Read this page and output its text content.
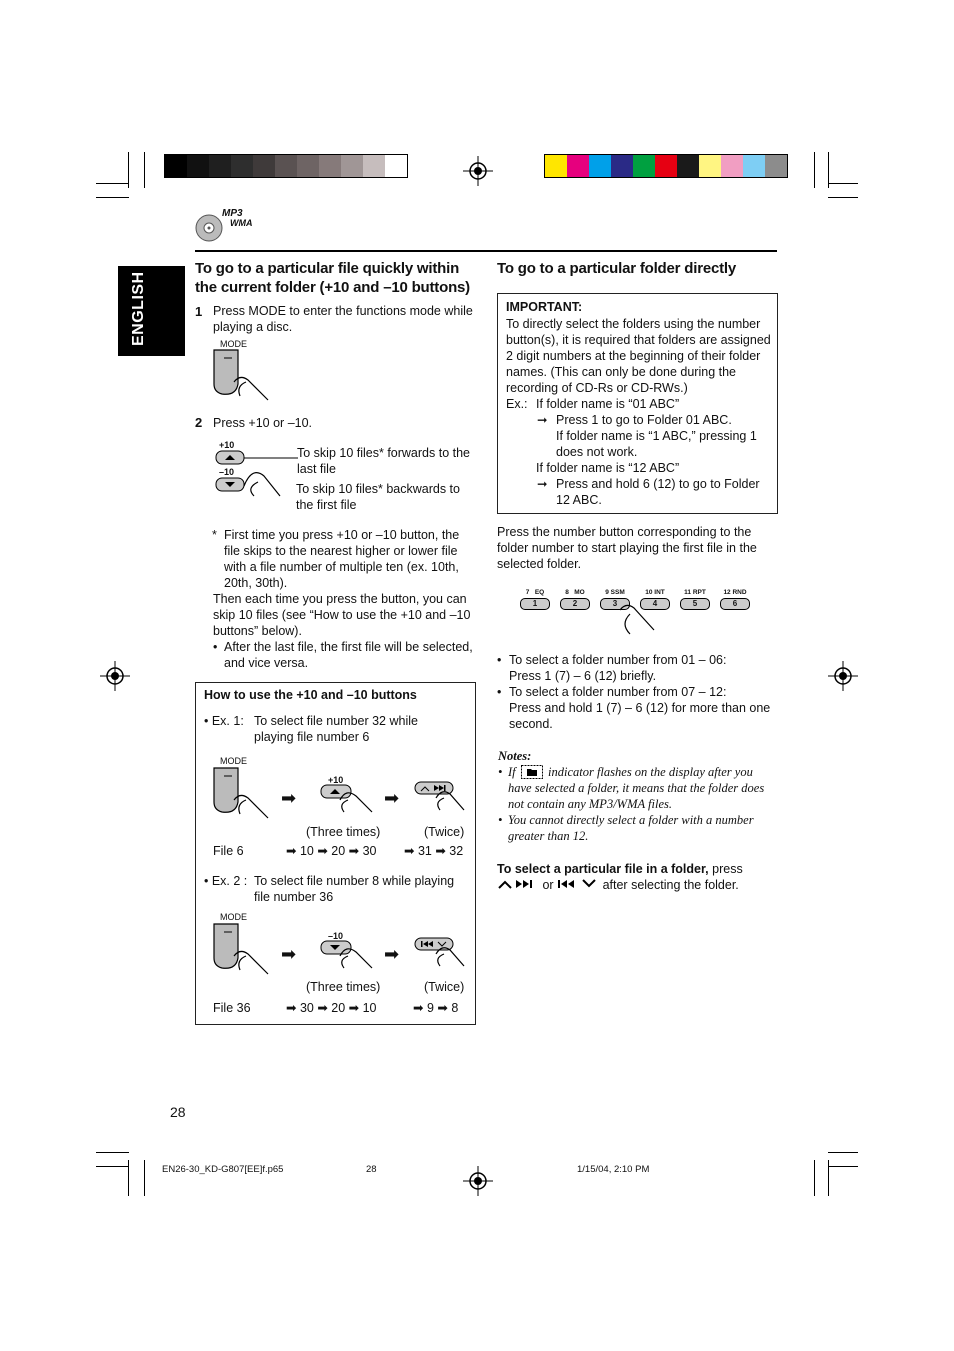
MP3
WMA
ENGLISH
To go to a particular file quickly within the current folder (+10 and –10 buttons)
1 Press MODE to enter the functions mode while playing a disc.
MODE
2 Press +10 or –10.
+10
–10
To skip 10 files* forwards to the last file
To skip 10 files* backwards to the first file
* First time you press +10 or –10 button, the file skips to the nearest higher or lower file with a file number of multiple ten (ex. 10th, 20th, 30th).
Then each time you press the button, you can skip 10 files (see “How to use the +10 and –10 buttons” below).
• After the last file, the first file will be selected, and vice versa.
How to use the +10 and –10 buttons
• Ex. 1: To select file number 32 while playing file number 6
MODE
➡
+10
➡
(Three times)	(Twice)
File 6	➡ 10 ➡ 20 ➡ 30 ➡ 31 ➡ 32
• Ex. 2 : To select file number 8 while playing file number 36
MODE
➡
–10
➡
(Three times)	(Twice)
File 36	➡ 30 ➡ 20 ➡ 10	➡ 9 ➡ 8
To go to a particular folder directly
IMPORTANT:
To directly select the folders using the number button(s), it is required that folders are assigned 2 digit numbers at the beginning of their folder names. (This can only be done during the recording of CD-Rs or CD-RWs.)
Ex.: If folder name is “01 ABC”
➞ Press 1 to go to Folder 01 ABC.
If folder name is “1 ABC,” pressing 1 does not work.
If folder name is “12 ABC”
➞ Press and hold 6 (12) to go to Folder 12 ABC.
Press the number button corresponding to the folder number to start playing the first file in the selected folder.
7   EQ
1
8   MO
2
9 SSM
3
10 INT
4
11 RPT
5
12 RND
6
• To select a folder number from 01 – 06:
Press 1 (7) – 6 (12) briefly.
• To select a folder number from 07 – 12:
Press and hold 1 (7) – 6 (12) for more than one second.
Notes:
• If	indicator flashes on the display after you have selected a folder, it means that the folder does not contain any MP3/WMA files.
• You cannot directly select a folder with a number greater than 12.
To select a particular file in a folder, press
or	after selecting the folder.
28
EN26-30_KD-G807[EE]f.p65	28	1/15/04, 2:10 PM
